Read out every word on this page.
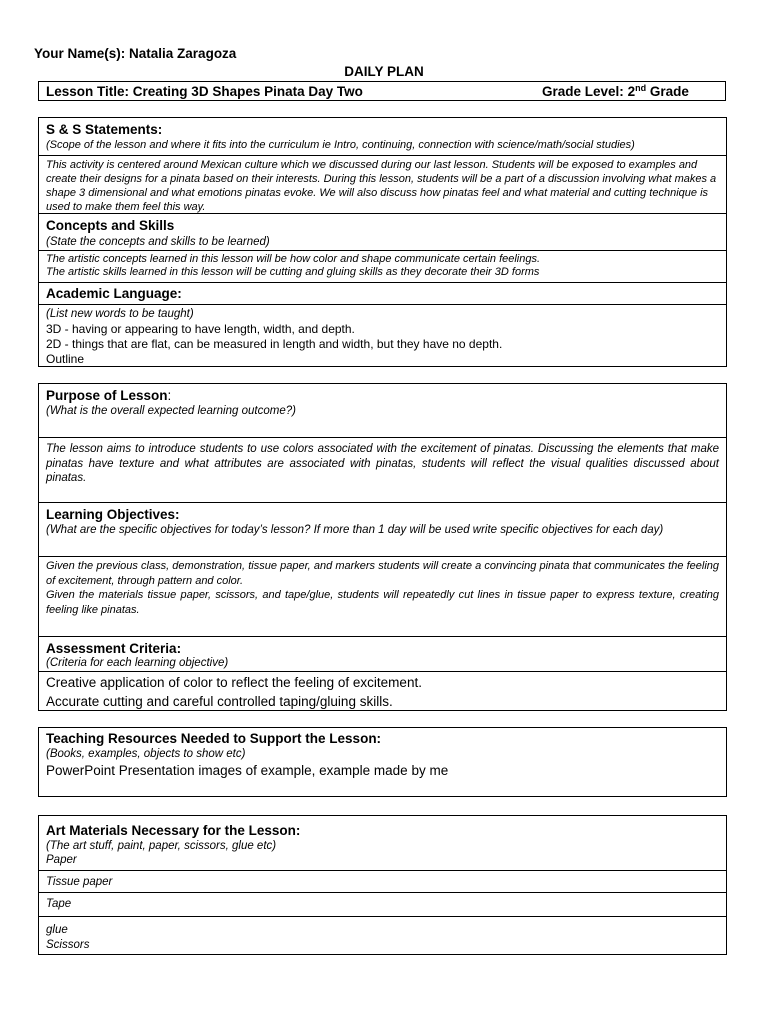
Your Name(s): Natalia Zaragoza
DAILY PLAN
Lesson Title: Creating 3D Shapes Pinata Day Two	Grade Level: 2nd Grade
S & S Statements:
(Scope of the lesson and where it fits into the curriculum ie Intro, continuing, connection with science/math/social studies)
This activity is centered around Mexican culture which we discussed during our last lesson. Students will be exposed to examples and create their designs for a pinata based on their interests. During this lesson, students will be a part of a discussion involving what makes a shape 3 dimensional and what emotions pinatas evoke. We will also discuss how pinatas feel and what material and cutting technique is used to make them feel this way.
Concepts and Skills
(State the concepts and skills to be learned)
The artistic concepts learned in this lesson will be how color and shape communicate certain feelings.
The artistic skills learned in this lesson will be cutting and gluing skills as they decorate their 3D forms
Academic Language:
(List new words to be taught)
3D - having or appearing to have length, width, and depth.
2D - things that are flat, can be measured in length and width, but they have no depth.
Outline
Purpose of Lesson:
(What is the overall expected learning outcome?)
The lesson aims to introduce students to use colors associated with the excitement of pinatas. Discussing the elements that make pinatas have texture and what attributes are associated with pinatas, students will reflect the visual qualities discussed about pinatas.
Learning Objectives:
(What are the specific objectives for today’s lesson? If more than 1 day will be used write specific objectives for each day)
Given the previous class, demonstration, tissue paper, and markers students will create a convincing pinata that communicates the feeling of excitement, through pattern and color.
Given the materials tissue paper, scissors, and tape/glue, students will repeatedly cut lines in tissue paper to express texture, creating feeling like pinatas.
Assessment Criteria:
(Criteria for each learning objective)
Creative application of color to reflect the feeling of excitement.
Accurate cutting and careful controlled taping/gluing skills.
Teaching Resources Needed to Support the Lesson:
(Books, examples, objects to show etc)
PowerPoint Presentation images of example, example made by me
Art Materials Necessary for the Lesson:
(The art stuff, paint, paper, scissors, glue etc)
Paper
Tissue paper
Tape
glue
Scissors
